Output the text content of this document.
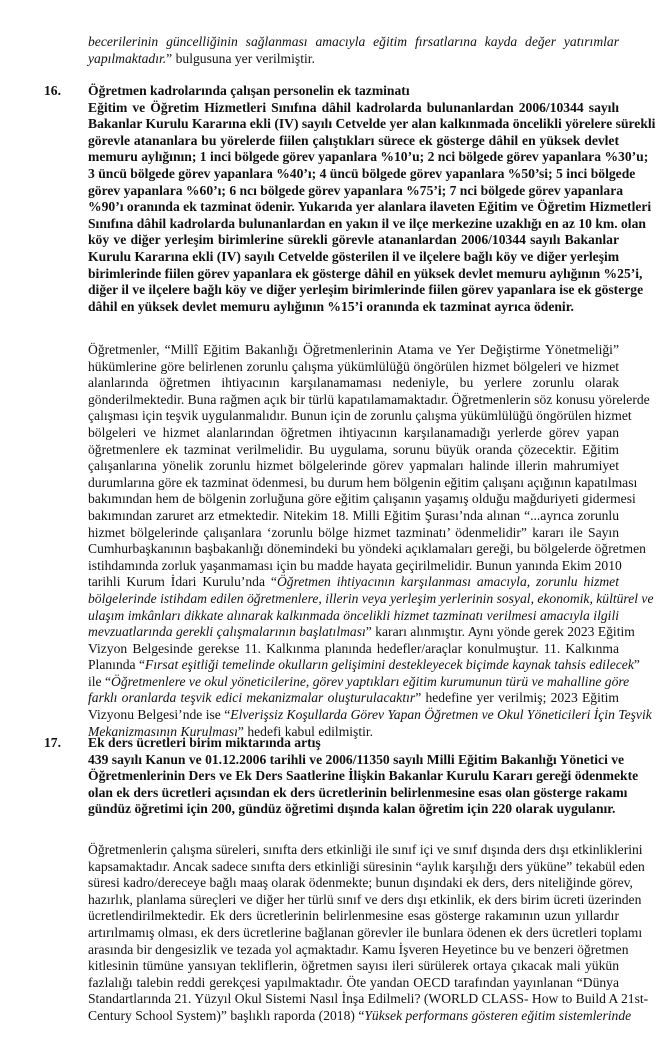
becerilerinin güncelliğinin sağlanması amacıyla eğitim fırsatlarına kayda değer yatırımlar
yapılmaktadır.” bulgusuna yer verilmiştir.
16. Öğretmen kadrolarında çalışan personelin ek tazminatı
Eğitim ve Öğretim Hizmetleri Sınıfına dâhil kadrolarda bulunanlardan 2006/10344 sayılı
Bakanlar Kurulu Kararına ekli (IV) sayılı Cetvelde yer alan kalkınmada öncelikli yörelere sürekli
görevle atananlara bu yörelerde fiilen çalıştıkları sürece ek gösterge dâhil en yüksek devlet
memuru aylığının; 1 inci bölgede görev yapanlara %10’u; 2 nci bölgede görev yapanlara %30’u;
3 üncü bölgede görev yapanlara %40’ı; 4 üncü bölgede görev yapanlara %50’si; 5 inci bölgede
görev yapanlara %60’ı; 6 ncı bölgede görev yapanlara %75’i; 7 nci bölgede görev yapanlara
%90’ı oranında ek tazminat ödenir. Yukarıda yer alanlara ilaveten Eğitim ve Öğretim Hizmetleri
Sınıfına dâhil kadrolarda bulunanlardan en yakın il ve ilçe merkezine uzaklığı en az 10 km. olan
köy ve diğer yerleşim birimlerine sürekli görevle atananlardan 2006/10344 sayılı Bakanlar
Kurulu Kararına ekli (IV) sayılı Cetvelde gösterilen il ve ilçelere bağlı köy ve diğer yerleşim
birimlerinde fiilen görev yapanlara ek gösterge dâhil en yüksek devlet memuru aylığının %25’i,
diğer il ve ilçelere bağlı köy ve diğer yerleşim birimlerinde fiilen görev yapanlara ise ek gösterge
dâhil en yüksek devlet memuru aylığının %15’i oranında ek tazminat ayrıca ödenir.
Öğretmenler, “Millî Eğitim Bakanlığı Öğretmenlerinin Atama ve Yer Değiştirme Yönetmeliği”
hükümlerine göre belirlenen zorunlu çalışma yükümlülüğü öngörülen hizmet bölgeleri ve hizmet
alanlarında öğretmen ihtiyacının karşılanamaması nedeniyle, bu yerlere zorunlu olarak
gönderilmektedir. Buna rağmen açık bir türlü kapatılamamaktadır. Öğretmenlerin söz konusu yörelerde
çalışması için teşvik uygulanmalıdır. Bunun için de zorunlu çalışma yükümlülüğü öngörülen hizmet
bölgeleri ve hizmet alanlarından öğretmen ihtiyacının karşılanamadığı yerlerde görev yapan
öğretmenlere ek tazminat verilmelidir. Bu uygulama, sorunu büyük oranda çözecektir. Eğitim
çalışanlarına yönelik zorunlu hizmet bölgelerinde görev yapmaları halinde illerin mahrumiyet
durumlarına göre ek tazminat ödenmesi, bu durum hem bölgenin eğitim çalışanı açığının kapatılması
bakımından hem de bölgenin zorluğuna göre eğitim çalışanın yaşamış olduğu mağduriyeti gidermesi
bakımından zaruret arz etmektedir. Nitekim 18. Milli Eğitim Şurası’nda alınan “...ayrıca zorunlu
hizmet bölgelerinde çalışanlara ‘zorunlu bölge hizmet tazminatı’ ödenmelidir” kararı ile Sayın
Cumhurbaşkanının başbakanlığı dönemindeki bu yöndeki açıklamaları gereği, bu bölgelerde öğretmen
istihdamında zorluk yaşanmaması için bu madde hayata geçirilmelidir. Bunun yanında Ekim 2010
tarihli Kurum İdari Kurulu’nda “Öğretmen ihtiyacının karşılanması amacıyla, zorunlu hizmet
bölgelerinde istihdam edilen öğretmenlere, illerin veya yerleşim yerlerinin sosyal, ekonomik, kültürel ve
ulaşım imkânları dikkate alınarak kalkınmada öncelikli hizmet tazminatı verilmesi amacıyla ilgili
mevzuatlarında gerekli çalışmalarının başlatılması” kararı alınmıştır. Aynı yönde gerek 2023 Eğitim
Vizyon Belgesinde gerekse 11. Kalkınma planında hedefler/araçlar konulmuştur. 11. Kalkınma
Planında “Fırsat eşitliği temelinde okulların gelişimini destekleyecek biçimde kaynak tahsis edilecek”
ile “Öğretmenlere ve okul yöneticilerine, görev yaptıkları eğitim kurumunun türü ve mahalline göre
farklı oranlarda teşvik edici mekanizmalar oluşturulacaktır” hedefine yer verilmiş; 2023 Eğitim
Vizyonu Belgesi’nde ise “Elverişsiz Koşullarda Görev Yapan Öğretmen ve Okul Yöneticileri İçin Teşvik
Mekanizmasının Kurulması” hedefi kabul edilmiştir.
17. Ek ders ücretleri birim miktarında artış
439 sayılı Kanun ve 01.12.2006 tarihli ve 2006/11350 sayılı Milli Eğitim Bakanlığı Yönetici ve
Öğretmenlerinin Ders ve Ek Ders Saatlerine İlişkin Bakanlar Kurulu Kararı gereği ödenmekte
olan ek ders ücretleri açısından ek ders ücretlerinin belirlenmesine esas olan gösterge rakamı
gündüz öğretimi için 200, gündüz öğretimi dışında kalan öğretim için 220 olarak uygulanır.
Öğretmenlerin çalışma süreleri, sınıfta ders etkinliği ile sınıf içi ve sınıf dışında ders dışı etkinliklerini
kapsamaktadır. Ancak sadece sınıfta ders etkinliği süresinin “aylık karşılığı ders yüküne” tekabül eden
süresi kadro/dereceye bağlı maaş olarak ödenmekte; bunun dışındaki ek ders, ders niteliğinde görev,
hazırlık, planlama süreçleri ve diğer her türlü sınıf ve ders dışı etkinlik, ek ders birim ücreti üzerinden
ücretlendirilmektedir. Ek ders ücretlerinin belirlenmesine esas gösterge rakamının uzun yıllardır
artırılmamış olması, ek ders ücretlerine bağlanan görevler ile bunlara ödenen ek ders ücretleri toplamı
arasında bir dengesizlik ve tezada yol açmaktadır. Kamu İşveren Heyetince bu ve benzeri öğretmen
kitlesinin tümüne yansıyan tekliflerin, öğretmen sayısı ileri sürülerek ortaya çıkacak mali yükün
fazlalığı talebin reddi gerekçesi yapılmaktadır. Öte yandan OECD tarafından yayınlanan “Dünya
Standartlarında 21. Yüzyıl Okul Sistemi Nasıl İnşa Edilmeli? (WORLD CLASS- How to Build A 21st-
Century School System)” başlıklı raporda (2018) “Yüksek performans gösteren eğitim sistemlerinde
